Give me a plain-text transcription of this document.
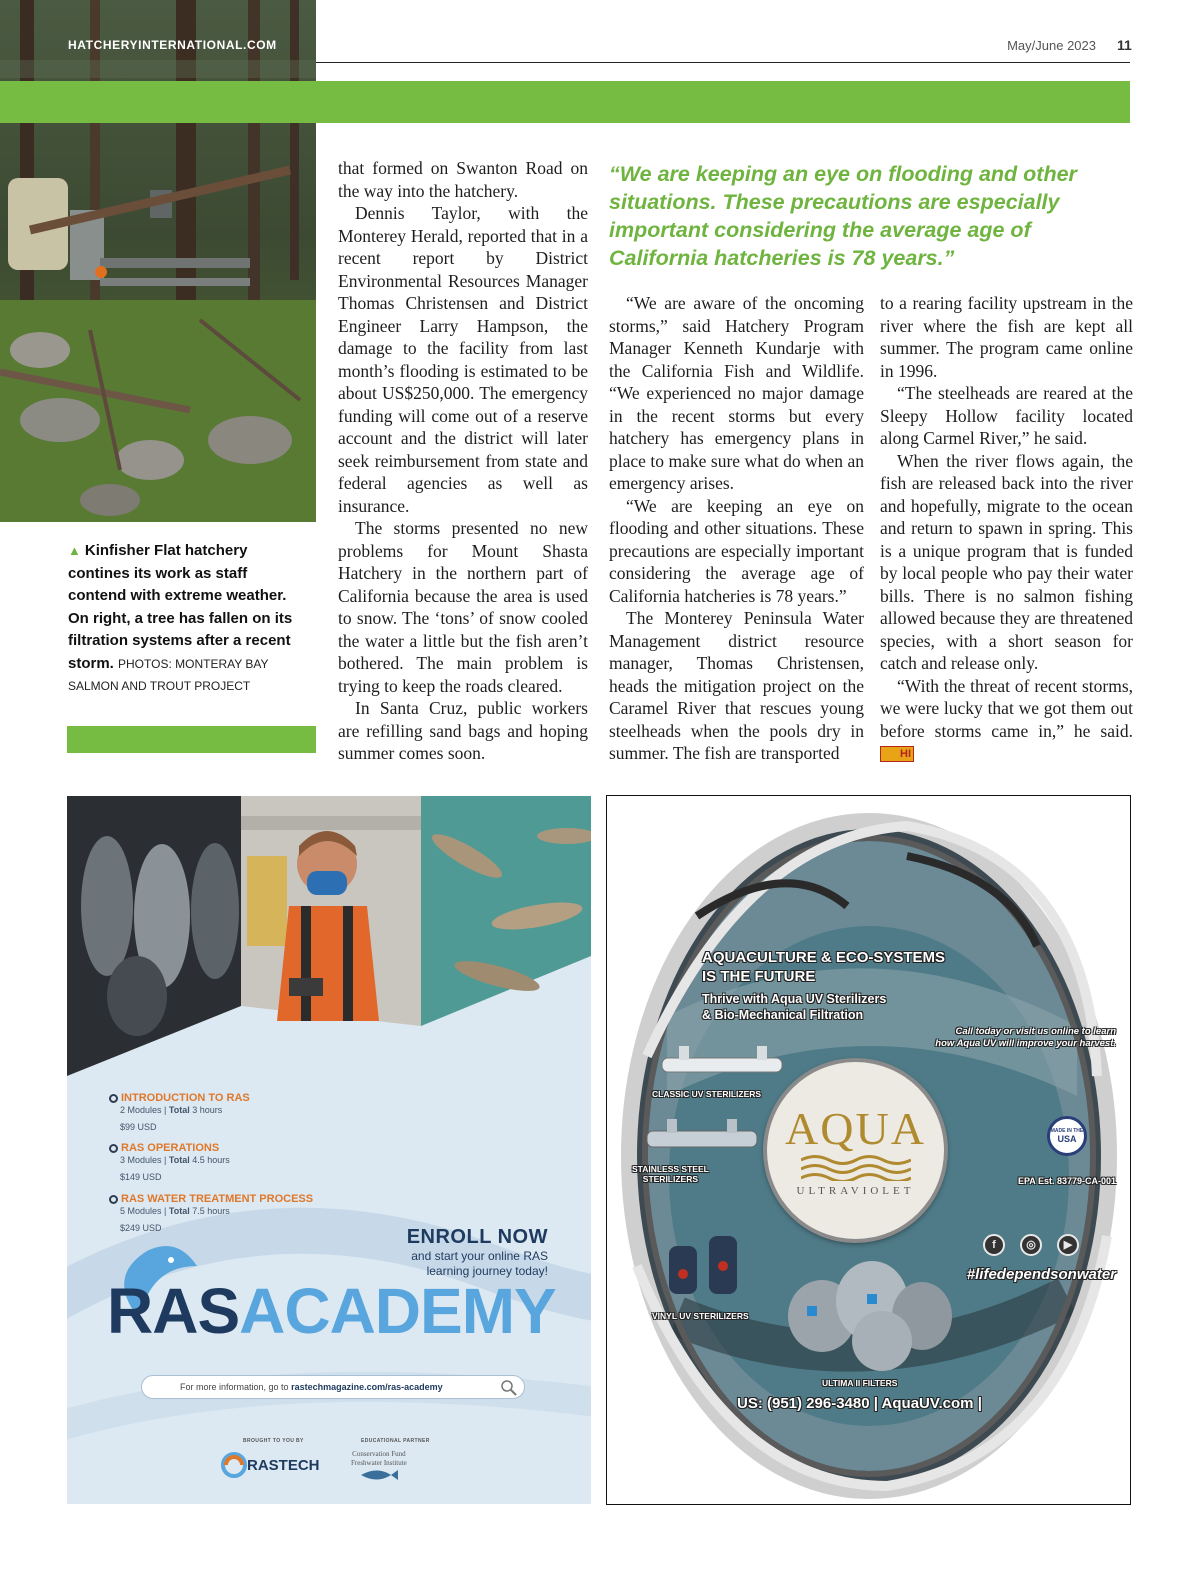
HATCHERYINTERNATIONAL.COM	May/June 2023 11
▲ Kinfisher Flat hatchery contines its work as staff contend with extreme weather. On right, a tree has fallen on its filtration systems after a recent storm. PHOTOS: MONTERAY BAY SALMON AND TROUT PROJECT

that formed on Swanton Road on the way into the hatchery.

Dennis Taylor, with the Monterey Herald, reported that in a recent report by District Environmental Resources Manager Thomas Christensen and District Engineer Larry Hampson, the damage to the facility from last month’s flooding is estimated to be about US$250,000. The emergency funding will come out of a reserve account and the district will later seek reimbursement from state and federal agencies as well as insurance.

The storms presented no new problems for Mount Shasta Hatchery in the northern part of California because the area is used to snow. The ‘tons’ of snow cooled the water a little but the fish aren’t bothered. The main problem is trying to keep the roads cleared.

In Santa Cruz, public workers are refilling sand bags and hoping summer comes soon.

“We are keeping an eye on flooding and other situations. These precautions are especially important considering the average age of California hatcheries is 78 years.”

“We are aware of the oncoming storms,” said Hatchery Program Manager Kenneth Kundarje with the California Fish and Wildlife. “We experienced no major damage in the recent storms but every hatchery has emergency plans in place to make sure what do when an emergency arises.

“We are keeping an eye on flooding and other situations. These precautions are especially important considering the average age of California hatcheries is 78 years.”

The Monterey Peninsula Water Management district resource manager, Thomas Christensen, heads the mitigation project on the Caramel River that rescues young steelheads when the pools dry in summer. The fish are transported

to a rearing facility upstream in the river where the fish are kept all summer. The program came online in 1996.

“The steelheads are reared at the Sleepy Hollow facility located along Carmel River,” he said.

When the river flows again, the fish are released back into the river and hopefully, migrate to the ocean and return to spawn in spring. This is a unique program that is funded by local people who pay their water bills. There is no salmon fishing allowed because they are threatened species, with a short season for catch and release only.

“With the threat of recent storms, we were lucky that we got them out before storms came in,” he said. HI

INTRODUCTION TO RAS
2 Modules | Total 3 hours
$99 USD
RAS OPERATIONS
3 Modules | Total 4.5 hours
$149 USD
RAS WATER TREATMENT PROCESS
5 Modules | Total 7.5 hours
$249 USD	ENROLL NOW
and start your online RAS
learning journey today!
RASACADEMY
For more information, go to rastechmagazine.com/ras-academy
BROUGHT TO YOU BY	EDUCATIONAL PARTNER
RASTECH
Conservation Fund
Freshwater Institute
AQUACULTURE & ECO-SYSTEMS
IS THE FUTURE
Thrive with Aqua UV Sterilizers
& Bio-Mechanical Filtration
Call today or visit us online to learn
how Aqua UV will improve your harvest.
CLASSIC UV STERILIZERS
STAINLESS STEEL
STERILIZERS
VINYL UV STERILIZERS
ULTIMA II FILTERS
AQUA
ULTRAVIOLET
MADE IN THE
USA
EPA Est. 83779-CA-001
f	◎	▶
#lifedependsonwater
US: (951) 296-3480 | AquaUV.com |
